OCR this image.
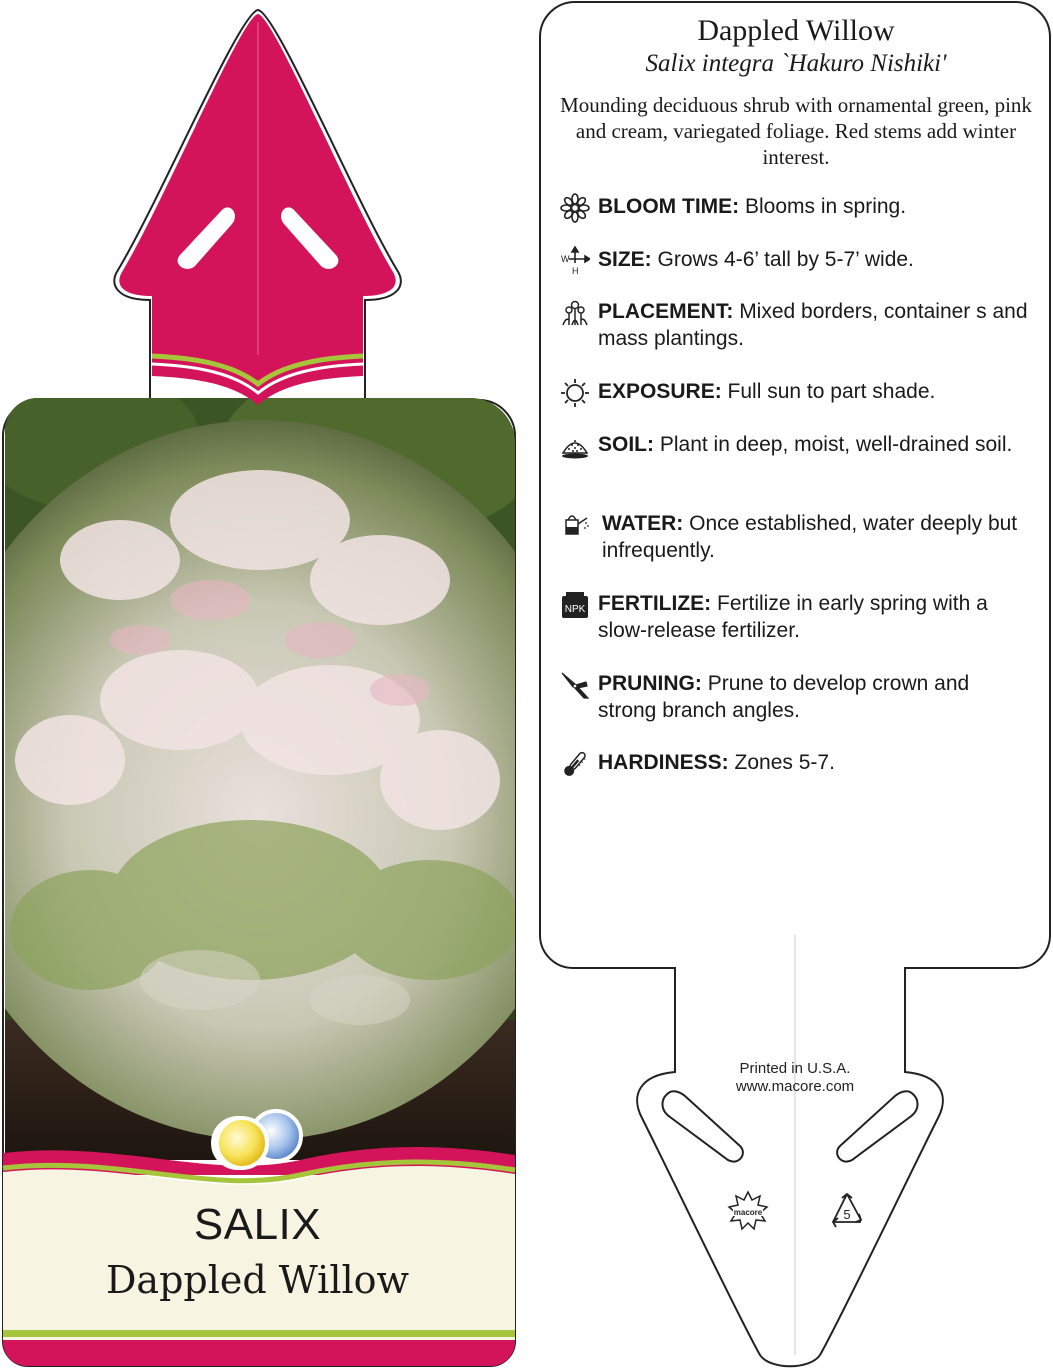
SALIX
Dappled Willow
Dappled Willow
Salix integra `Hakuro Nishiki'
Mounding deciduous shrub with ornamental green, pink and cream, variegated foliage. Red stems add winter interest.
BLOOM TIME: Blooms in spring.
W
H SIZE: Grows 4-6’ tall by 5-7’ wide.
PLACEMENT: Mixed borders, container s and mass plantings.
EXPOSURE: Full sun to part shade.
SOIL: Plant in deep, moist, well-drained soil.
WATER: Once established, water deeply but infrequently.
NPK FERTILIZE: Fertilize in early spring with a slow-release fertilizer.
PRUNING: Prune to develop crown and strong branch angles.
HARDINESS: Zones 5-7.
Printed in U.S.A.
www.macore.com
macore	5
